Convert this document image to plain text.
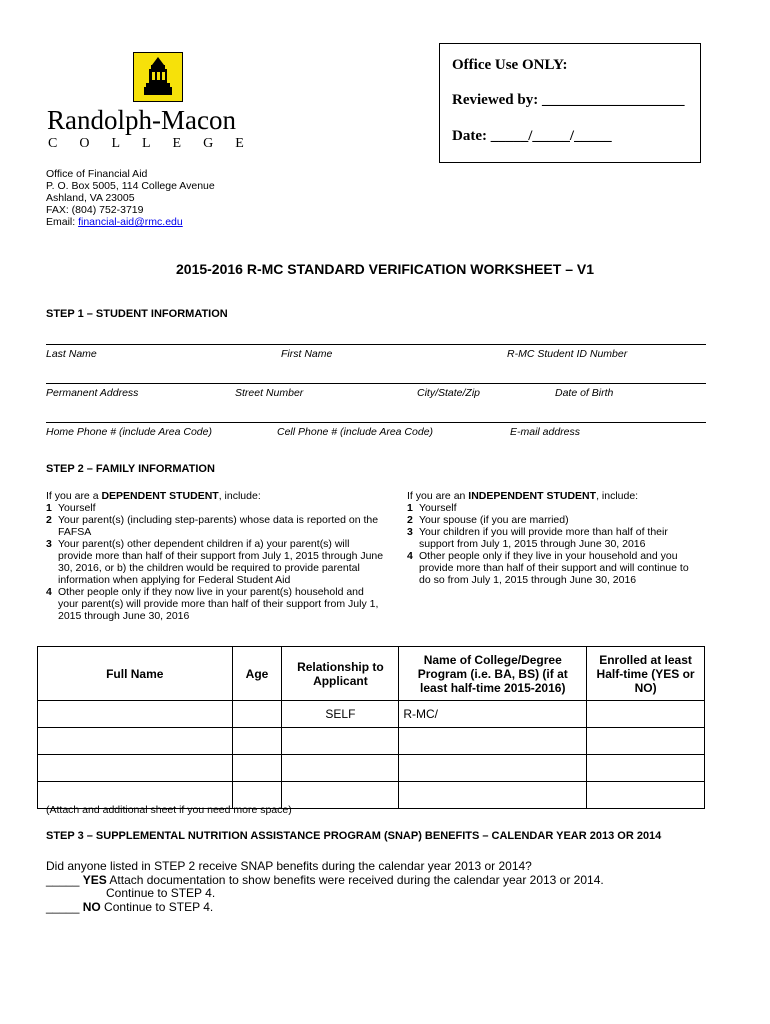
Randolph-Macon
COLLEGE
Office Use ONLY:
Reviewed by: ___________________
Date: _____/_____/_____
Office of Financial Aid
P. O. Box 5005, 114 College Avenue
Ashland, VA 23005
FAX: (804) 752-3719
Email: financial-aid@rmc.edu
2015-2016 R-MC STANDARD VERIFICATION WORKSHEET – V1
STEP 1 – STUDENT INFORMATION
Last Name	First Name	R-MC Student ID Number
Permanent Address	Street Number	City/State/Zip	Date of Birth
Home Phone # (include Area Code)	Cell Phone # (include Area Code)	E-mail address
STEP 2 – FAMILY INFORMATION
If you are a DEPENDENT STUDENT, include:
1 Yourself
2 Your parent(s) (including step-parents) whose data is reported on the FAFSA
3 Your parent(s) other dependent children if a) your parent(s) will provide more than half of their support from July 1, 2015 through June 30, 2016, or b) the children would be required to provide parental information when applying for Federal Student Aid
4 Other people only if they now live in your parent(s) household and your parent(s) will provide more than half of their support from July 1, 2015 through June 30, 2016
If you are an INDEPENDENT STUDENT, include:
1 Yourself
2 Your spouse (if you are married)
3 Your children if you will provide more than half of their support from July 1, 2015 through June 30, 2016
4 Other people only if they live in your household and you provide more than half of their support and will continue to do so from July 1, 2015 through June 30, 2016
Full Name	Age	Relationship to Applicant	Name of College/Degree Program (i.e. BA, BS) (if at least half-time 2015-2016)	Enrolled at least Half-time (YES or NO)
		SELF	R-MC/	

(Attach and additional sheet if you need more space)
STEP 3 – SUPPLEMENTAL NUTRITION ASSISTANCE PROGRAM (SNAP) BENEFITS – CALENDAR YEAR 2013 OR 2014
Did anyone listed in STEP 2 receive SNAP benefits during the calendar year 2013 or 2014?
_____ YES Attach documentation to show benefits were received during the calendar year 2013 or 2014.
Continue to STEP 4.
_____ NO Continue to STEP 4.
